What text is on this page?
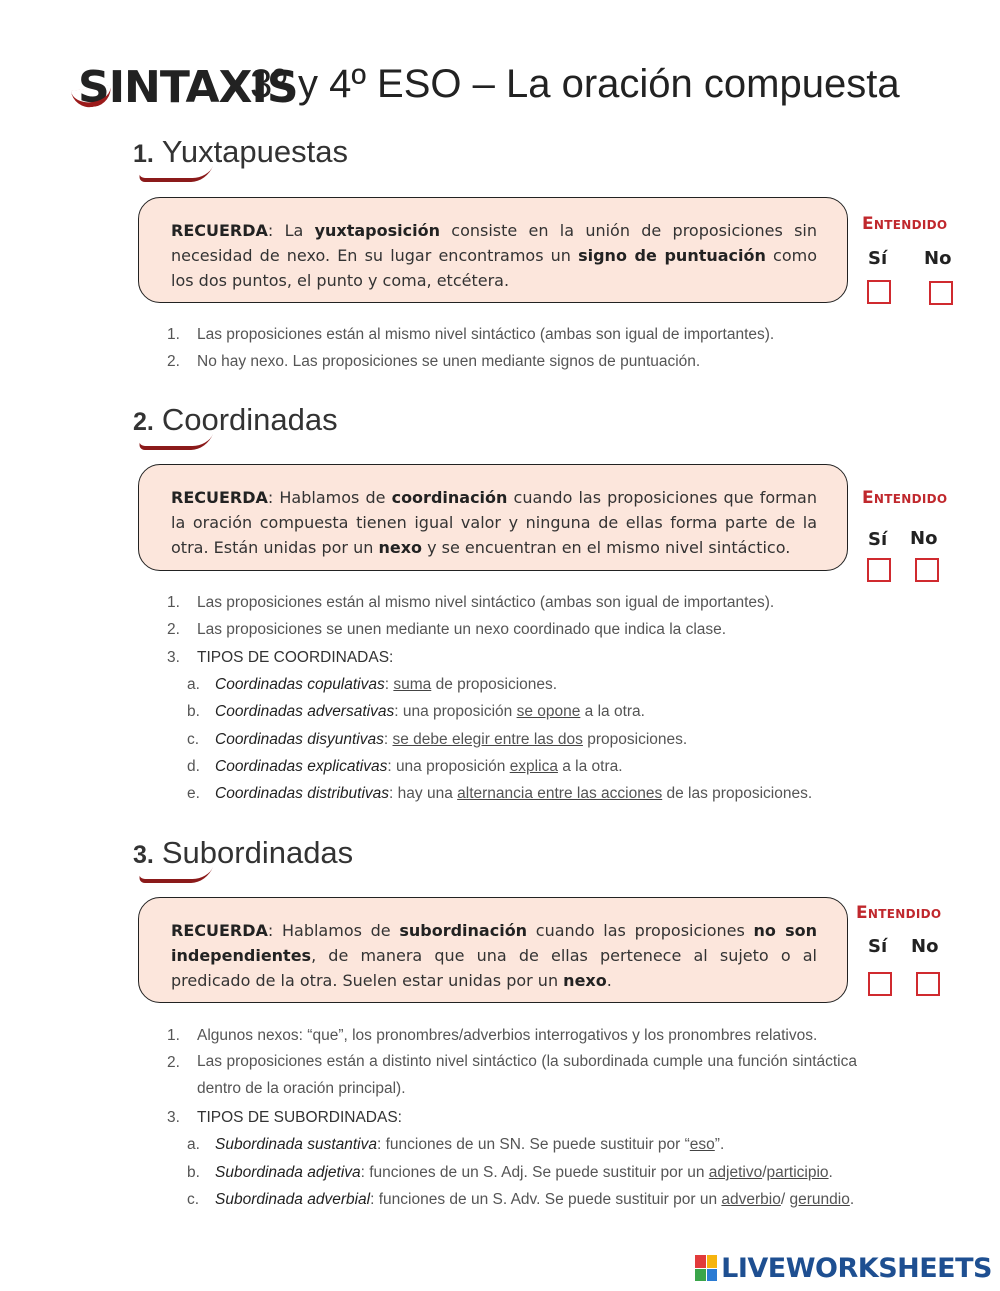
SINTAXIS
3º y 4º ESO – La oración compuesta
1. Yuxtapuestas
RECUERDA: La yuxtaposición consiste en la unión de proposiciones sin necesidad de nexo. En su lugar encontramos un signo de puntuación como los dos puntos, el punto y coma, etcétera.
Entendido
Sí No
1. Las proposiciones están al mismo nivel sintáctico (ambas son igual de importantes).
2. No hay nexo. Las proposiciones se unen mediante signos de puntuación.
2. Coordinadas
RECUERDA: Hablamos de coordinación cuando las proposiciones que forman la oración compuesta tienen igual valor y ninguna de ellas forma parte de la otra. Están unidas por un nexo y se encuentran en el mismo nivel sintáctico.
Entendido
Sí No
1. Las proposiciones están al mismo nivel sintáctico (ambas son igual de importantes).
2. Las proposiciones se unen mediante un nexo coordinado que indica la clase.
3. TIPOS DE COORDINADAS:
a. Coordinadas copulativas: suma de proposiciones.
b. Coordinadas adversativas: una proposición se opone a la otra.
c. Coordinadas disyuntivas: se debe elegir entre las dos proposiciones.
d. Coordinadas explicativas: una proposición explica a la otra.
e. Coordinadas distributivas: hay una alternancia entre las acciones de las proposiciones.
3. Subordinadas
RECUERDA: Hablamos de subordinación cuando las proposiciones no son independientes, de manera que una de ellas pertenece al sujeto o al predicado de la otra. Suelen estar unidas por un nexo.
Entendido
Sí No
1. Algunos nexos: “que”, los pronombres/adverbios interrogativos y los pronombres relativos.
2. Las proposiciones están a distinto nivel sintáctico (la subordinada cumple una función sintáctica dentro de la oración principal).
3. TIPOS DE SUBORDINADAS:
a. Subordinada sustantiva: funciones de un SN. Se puede sustituir por “eso”.
b. Subordinada adjetiva: funciones de un S. Adj. Se puede sustituir por un adjetivo/participio.
c. Subordinada adverbial: funciones de un S. Adv. Se puede sustituir por un adverbio/ gerundio.
LIVEWORKSHEETS
